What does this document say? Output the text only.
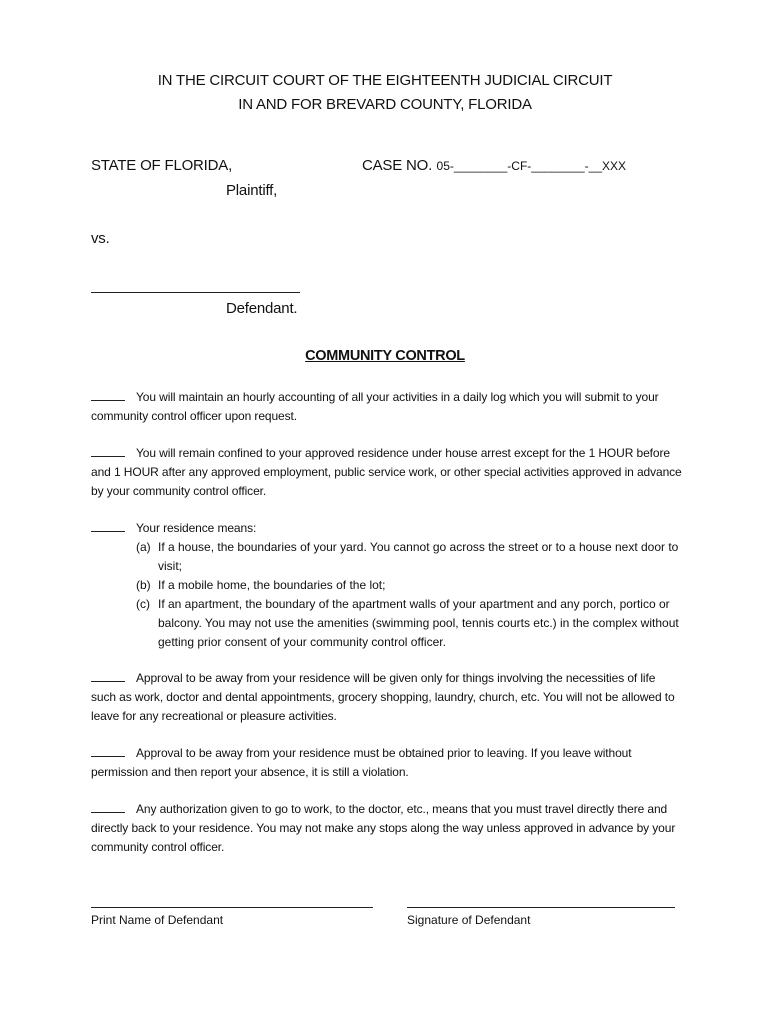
IN THE CIRCUIT COURT OF THE EIGHTEENTH JUDICIAL CIRCUIT
IN AND FOR BREVARD COUNTY, FLORIDA
STATE OF FLORIDA,
Plaintiff,
CASE NO. 05-________-CF-________-__XXX
vs.
Defendant.
COMMUNITY CONTROL
You will maintain an hourly accounting of all your activities in a daily log which you will submit to your community control officer upon request.
You will remain confined to your approved residence under house arrest except for the 1 HOUR before and 1 HOUR after any approved employment, public service work, or other special activities approved in advance by your community control officer.
Your residence means:
(a) If a house, the boundaries of your yard. You cannot go across the street or to a house next door to visit;
(b) If a mobile home, the boundaries of the lot;
(c) If an apartment, the boundary of the apartment walls of your apartment and any porch, portico or balcony. You may not use the amenities (swimming pool, tennis courts etc.) in the complex without getting prior consent of your community control officer.
Approval to be away from your residence will be given only for things involving the necessities of life such as work, doctor and dental appointments, grocery shopping, laundry, church, etc. You will not be allowed to leave for any recreational or pleasure activities.
Approval to be away from your residence must be obtained prior to leaving. If you leave without permission and then report your absence, it is still a violation.
Any authorization given to go to work, to the doctor, etc., means that you must travel directly there and directly back to your residence. You may not make any stops along the way unless approved in advance by your community control officer.
Print Name of Defendant	Signature of Defendant
